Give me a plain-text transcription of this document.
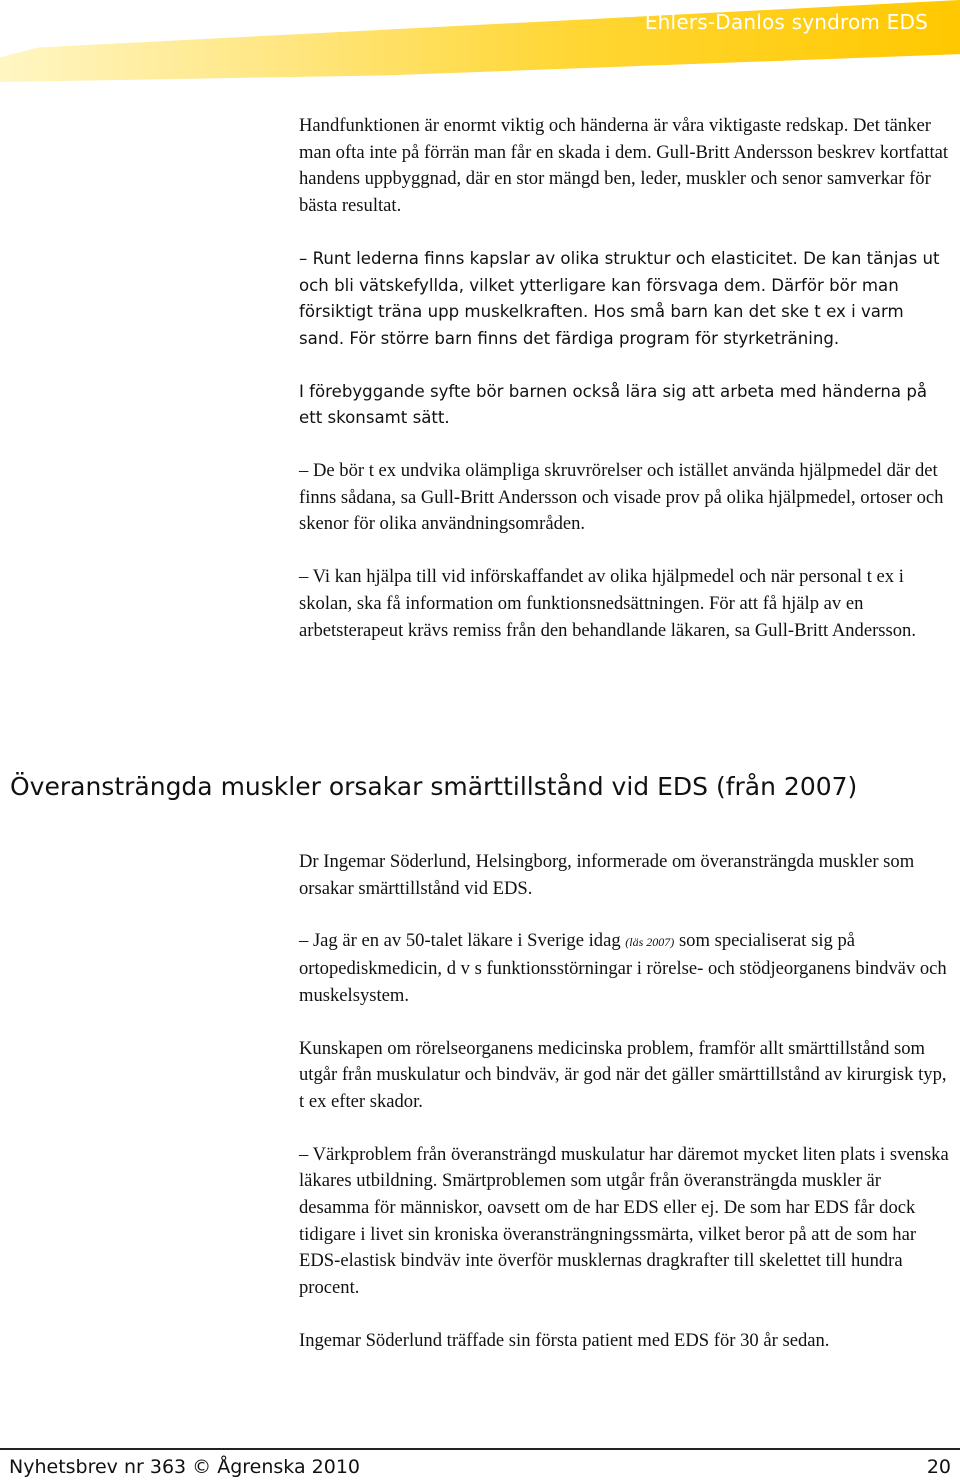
Ehlers-Danlos syndrom EDS

Handfunktionen är enormt viktig och händerna är våra viktigaste redskap. Det tänker man ofta inte på förrän man får en skada i dem. Gull-Britt Andersson beskrev kortfattat handens uppbyggnad, där en stor mängd ben, leder, muskler och senor samverkar för bästa resultat.

– Runt lederna finns kapslar av olika struktur och elasticitet. De kan tänjas ut och bli vätskefyllda, vilket ytterligare kan försvaga dem. Därför bör man försiktigt träna upp muskelkraften. Hos små barn kan det ske t ex i varm sand. För större barn finns det färdiga program för styrketräning.

I förebyggande syfte bör barnen också lära sig att arbeta med händerna på ett skonsamt sätt.

– De bör t ex undvika olämpliga skruvrörelser och istället använda hjälpmedel där det finns sådana, sa Gull-Britt Andersson och visade prov på olika hjälpmedel, ortoser och skenor för olika användningsområden.

– Vi kan hjälpa till vid införskaffandet av olika hjälpmedel och när personal t ex i skolan, ska få information om funktionsnedsättningen. För att få hjälp av en arbetsterapeut krävs remiss från den behandlande läkaren, sa Gull-Britt Andersson.

Överansträngda muskler orsakar smärttillstånd vid EDS (från 2007)

Dr Ingemar Söderlund, Helsingborg, informerade om överansträngda muskler som orsakar smärttillstånd vid EDS.

– Jag är en av 50-talet läkare i Sverige idag (läs 2007) som specialiserat sig på ortopediskmedicin, d v s funktionsstörningar i rörelse- och stödjeorganens bindväv och muskelsystem.

Kunskapen om rörelseorganens medicinska problem, framför allt smärttillstånd som utgår från muskulatur och bindväv, är god när det gäller smärttillstånd av kirurgisk typ, t ex efter skador.

– Värkproblem från överansträngd muskulatur har däremot mycket liten plats i svenska läkares utbildning. Smärtproblemen som utgår från överansträngda muskler är desamma för människor, oavsett om de har EDS eller ej. De som har EDS får dock tidigare i livet sin kroniska överansträngningssmärta, vilket beror på att de som har EDS-elastisk bindväv inte överför musklernas dragkrafter till skelettet till hundra procent.

Ingemar Söderlund träffade sin första patient med EDS för 30 år sedan.

Nyhetsbrev nr 363 © Ågrenska 2010	20
